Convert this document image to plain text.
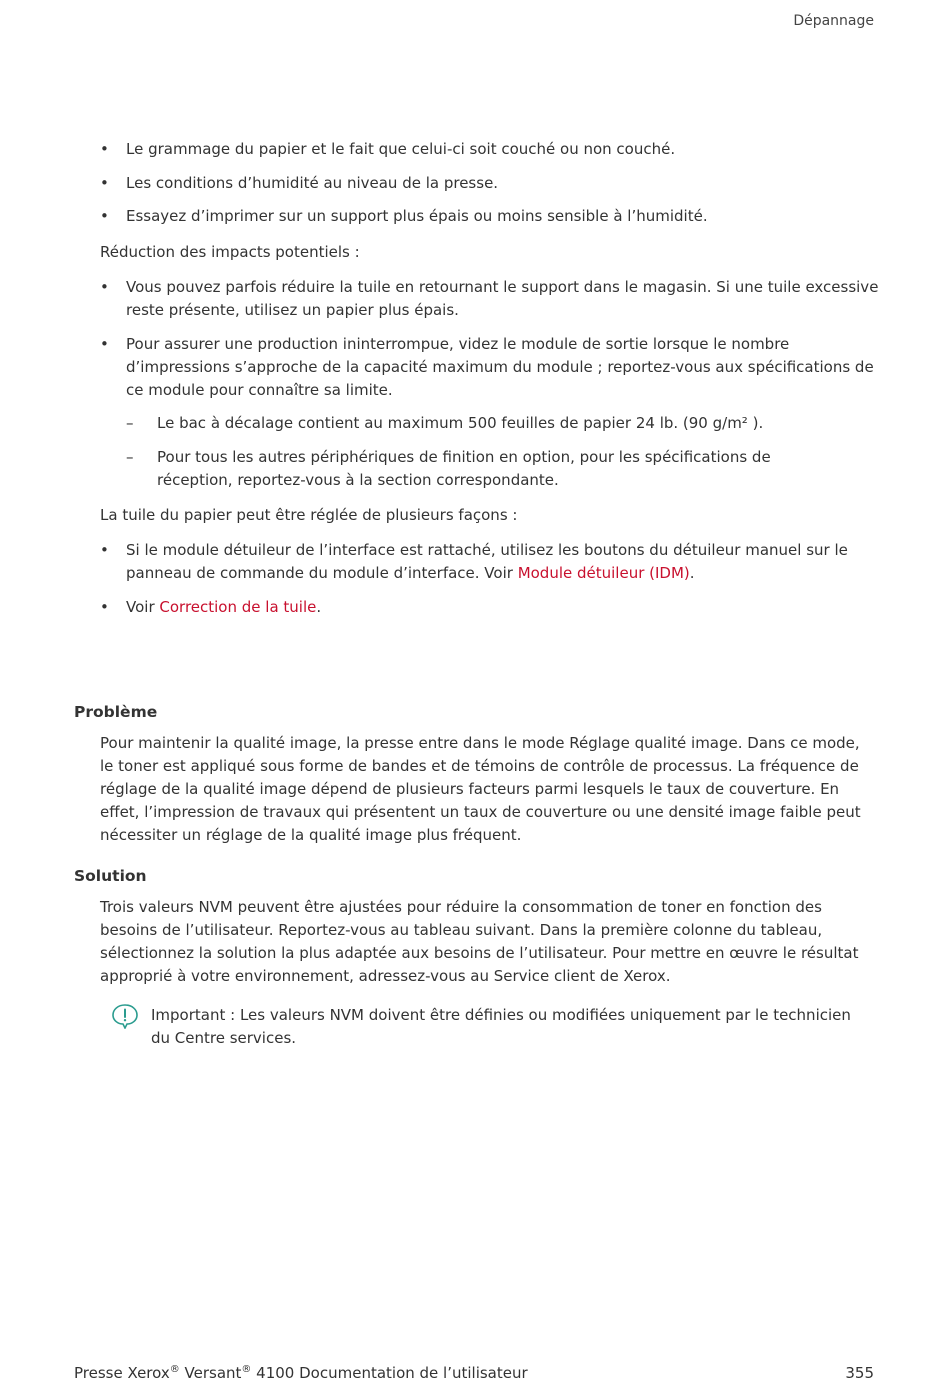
Dépannage
•	Le grammage du papier et le fait que celui-ci soit couché ou non couché.
•	Les conditions d’humidité au niveau de la presse.
•	Essayez d’imprimer sur un support plus épais ou moins sensible à l’humidité.
Réduction des impacts potentiels :
•	Vous pouvez parfois réduire la tuile en retournant le support dans le magasin. Si une tuile excessive reste présente, utilisez un papier plus épais.
•	Pour assurer une production ininterrompue, videz le module de sortie lorsque le nombre d’impressions s’approche de la capacité maximum du module ; reportez-vous aux spécifications de ce module pour connaître sa limite.
–	Le bac à décalage contient au maximum 500 feuilles de papier 24 lb. (90 g/m² ).
–	Pour tous les autres périphériques de finition en option, pour les spécifications de réception, reportez-vous à la section correspondante.
La tuile du papier peut être réglée de plusieurs façons :
•	Si le module détuileur de l’interface est rattaché, utilisez les boutons du détuileur manuel sur le panneau de commande du module d’interface. Voir Module détuileur (IDM).
•	Voir Correction de la tuile.
Problème
Pour maintenir la qualité image, la presse entre dans le mode Réglage qualité image. Dans ce mode, le toner est appliqué sous forme de bandes et de témoins de contrôle de processus. La fréquence de réglage de la qualité image dépend de plusieurs facteurs parmi lesquels le taux de couverture. En effet, l’impression de travaux qui présentent un taux de couverture ou une densité image faible peut nécessiter un réglage de la qualité image plus fréquent.
Solution
Trois valeurs NVM peuvent être ajustées pour réduire la consommation de toner en fonction des besoins de l’utilisateur. Reportez-vous au tableau suivant. Dans la première colonne du tableau, sélectionnez la solution la plus adaptée aux besoins de l’utilisateur. Pour mettre en œuvre le résultat approprié à votre environnement, adressez-vous au Service client de Xerox.
Important : Les valeurs NVM doivent être définies ou modifiées uniquement par le technicien du Centre services.
Presse Xerox® Versant® 4100 Documentation de l’utilisateur	355
